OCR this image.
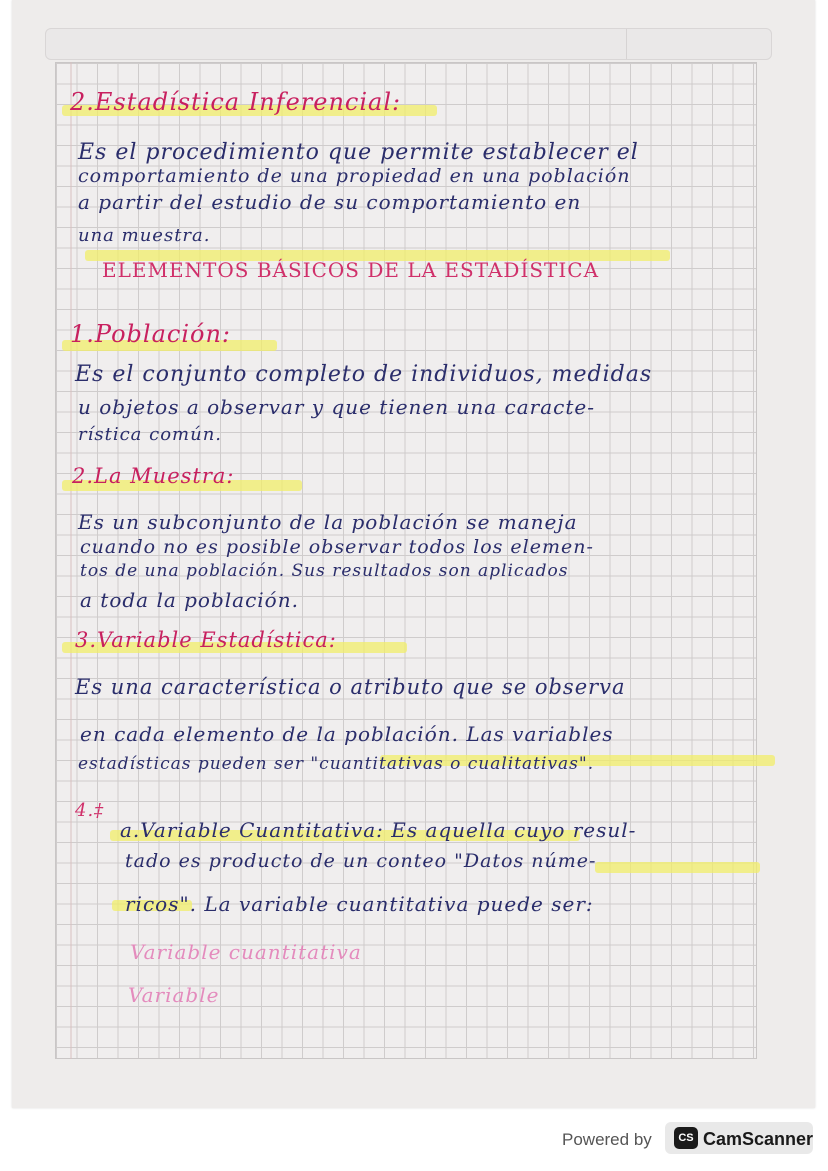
2.Estadística Inferencial:
Es el procedimiento que permite establecer el
comportamiento de una propiedad en una población
a partir del estudio de su comportamiento en
una muestra.
ELEMENTOS BÁSICOS DE LA ESTADÍSTICA
1.Población:
Es el conjunto completo de individuos, medidas
u objetos a observar y que tienen una caracte-
rística común.
2.La Muestra:
Es un subconjunto de la población se maneja
cuando no es posible observar todos los elemen-
tos de una población. Sus resultados son aplicados
a toda la población.
3.Variable Estadística:
Es una característica o atributo que se observa
en cada elemento de la población. Las variables
estadísticas pueden ser "cuantitativas o cualitativas".
4.‡
a.Variable Cuantitativa: Es aquella cuyo resul-
tado es producto de un conteo "Datos núme-
ricos". La variable cuantitativa puede ser:
Variable cuantitativa
Variable
Powered by	CS CamScanner
